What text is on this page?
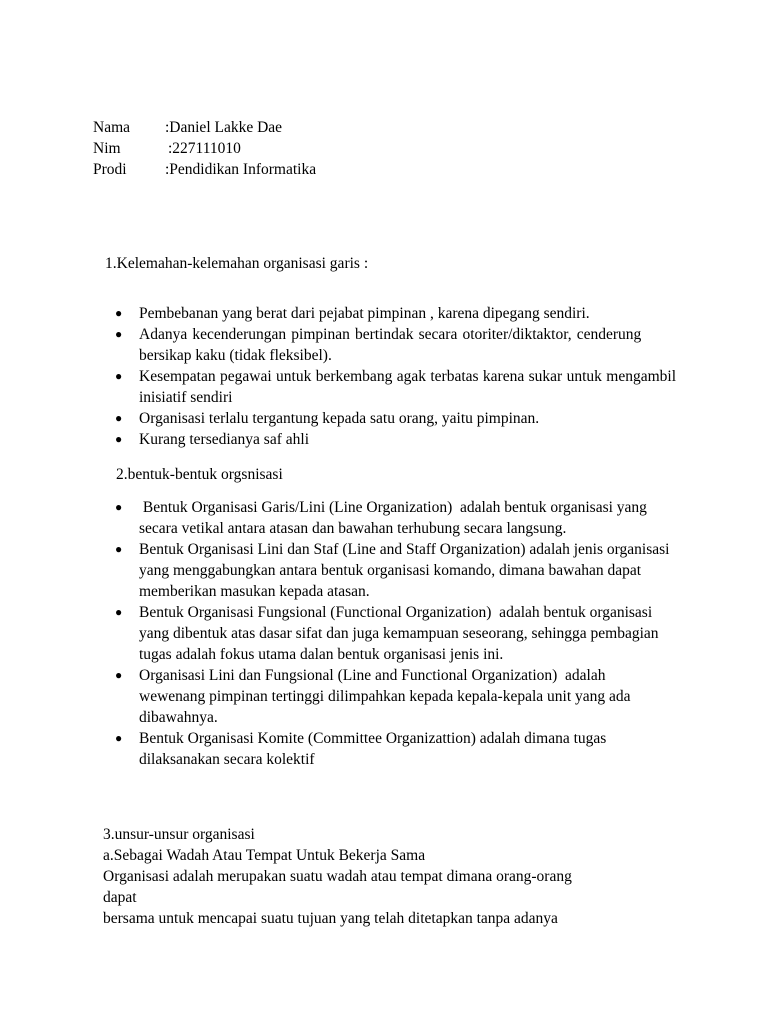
Nama	:Daniel Lakke Dae
Nim	:227111010
Prodi	:Pendidikan Informatika
1.Kelemahan-kelemahan organisasi garis :
● Pembebanan yang berat dari pejabat pimpinan , karena dipegang sendiri.
● Adanya kecenderungan pimpinan bertindak secara otoriter/diktaktor, cenderung        bersikap kaku (tidak fleksibel).
● Kesempatan pegawai untuk berkembang agak terbatas karena sukar untuk mengambil inisiatif sendiri
● Organisasi terlalu tergantung kepada satu orang, yaitu pimpinan.
● Kurang tersedianya saf ahli
2.bentuk-bentuk orgsnisasi
● Bentuk Organisasi Garis/Lini (Line Organization)  adalah bentuk organisasi yang secara vetikal antara atasan dan bawahan terhubung secara langsung.
● Bentuk Organisasi Lini dan Staf (Line and Staff Organization) adalah jenis organisasi yang menggabungkan antara bentuk organisasi komando, dimana bawahan dapat memberikan masukan kepada atasan.
● Bentuk Organisasi Fungsional (Functional Organization)  adalah bentuk organisasi yang dibentuk atas dasar sifat dan juga kemampuan seseorang, sehingga pembagian tugas adalah fokus utama dalan bentuk organisasi jenis ini.
● Organisasi Lini dan Fungsional (Line and Functional Organization)  adalah  wewenang pimpinan tertinggi dilimpahkan kepada kepala-kepala unit yang ada dibawahnya.
● Bentuk Organisasi Komite (Committee Organizattion) adalah dimana tugas dilaksanakan secara kolektif
3.unsur-unsur organisasi
a.Sebagai Wadah Atau Tempat Untuk Bekerja Sama
Organisasi adalah merupakan suatu wadah atau tempat dimana orang-orang
dapat
bersama untuk mencapai suatu tujuan yang telah ditetapkan tanpa adanya
